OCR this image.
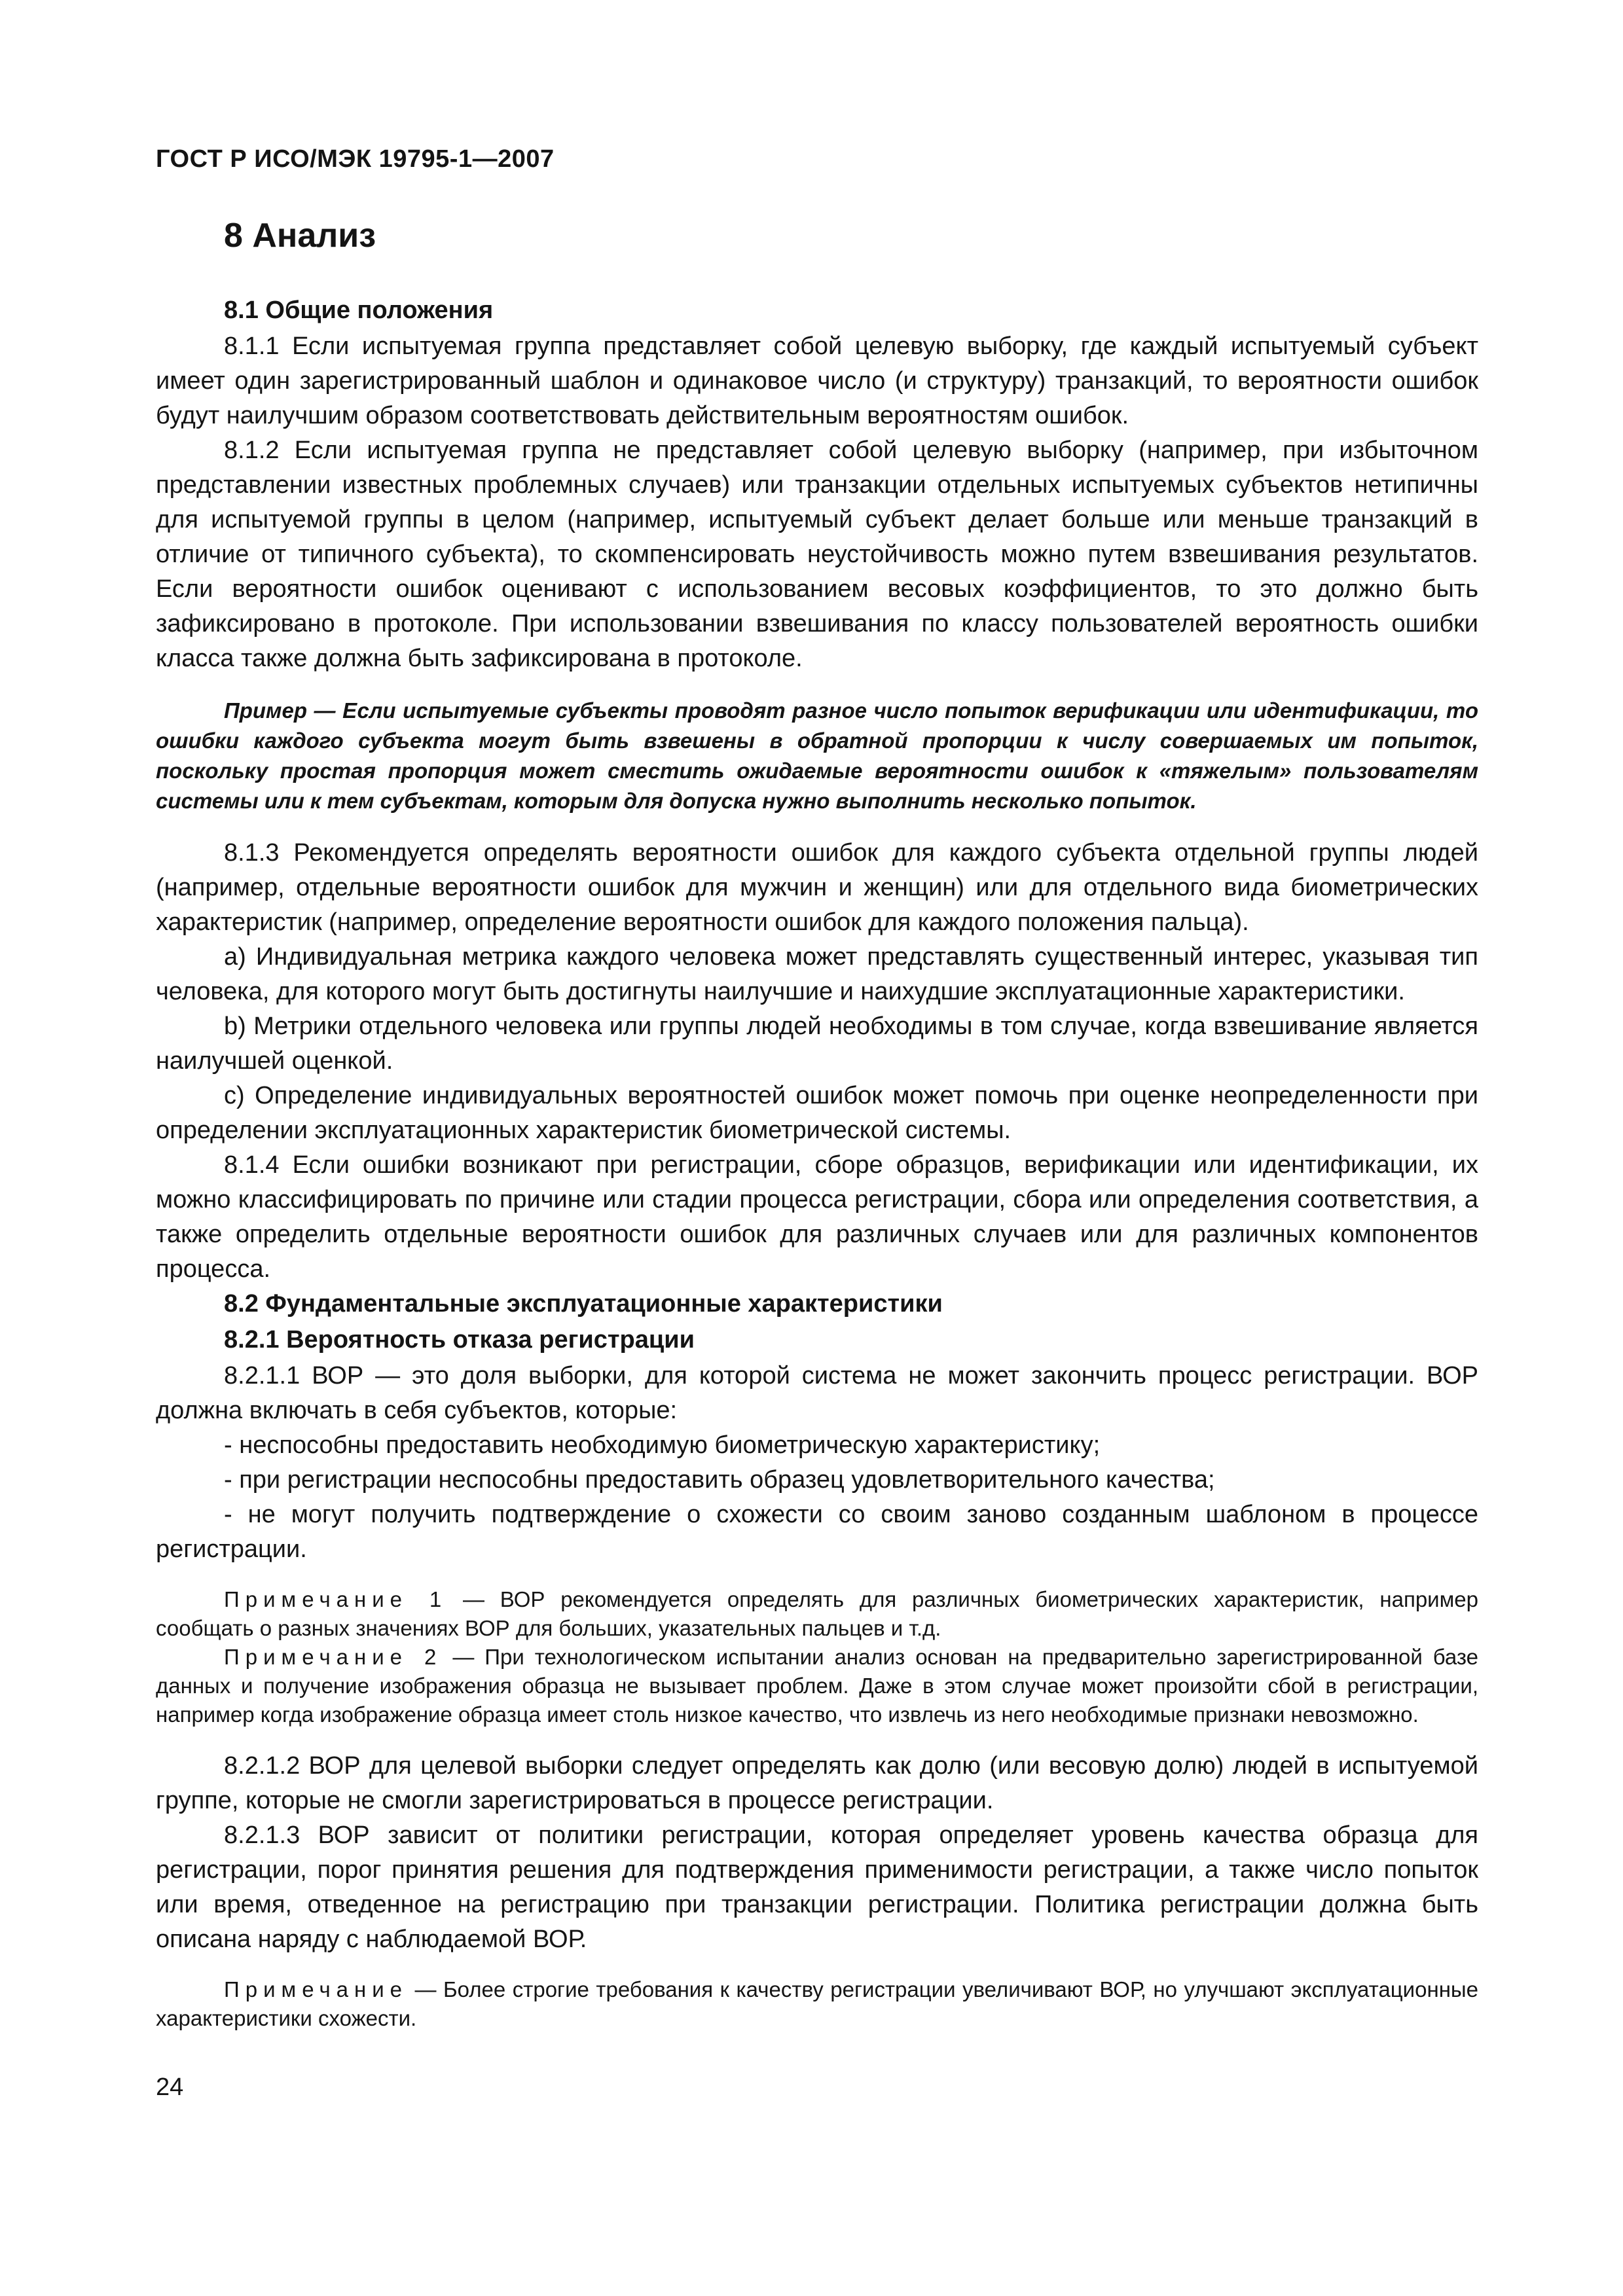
ГОСТ Р ИСО/МЭК 19795-1—2007
8 Анализ
8.1 Общие положения

8.1.1 Если испытуемая группа представляет собой целевую выборку, где каждый испытуемый субъект имеет один зарегистрированный шаблон и одинаковое число (и структуру) транзакций, то вероятности ошибок будут наилучшим образом соответствовать действительным вероятностям ошибок.

8.1.2 Если испытуемая группа не представляет собой целевую выборку (например, при избыточном представлении известных проблемных случаев) или транзакции отдельных испытуемых субъектов нетипичны для испытуемой группы в целом (например, испытуемый субъект делает больше или меньше транзакций в отличие от типичного субъекта), то скомпенсировать неустойчивость можно путем взвешивания результатов. Если вероятности ошибок оценивают с использованием весовых коэффициентов, то это должно быть зафиксировано в протоколе. При использовании взвешивания по классу пользователей вероятность ошибки класса также должна быть зафиксирована в протоколе.

Пример — Если испытуемые субъекты проводят разное число попыток верификации или идентификации, то ошибки каждого субъекта могут быть взвешены в обратной пропорции к числу совершаемых им попыток, поскольку простая пропорция может сместить ожидаемые вероятности ошибок к «тяжелым» пользователям системы или к тем субъектам, которым для допуска нужно выполнить несколько попыток.

8.1.3 Рекомендуется определять вероятности ошибок для каждого субъекта отдельной группы людей (например, отдельные вероятности ошибок для мужчин и женщин) или для отдельного вида биометрических характеристик (например, определение вероятности ошибок для каждого положения пальца).

а) Индивидуальная метрика каждого человека может представлять существенный интерес, указывая тип человека, для которого могут быть достигнуты наилучшие и наихудшие эксплуатационные характеристики.

b) Метрики отдельного человека или группы людей необходимы в том случае, когда взвешивание является наилучшей оценкой.

с) Определение индивидуальных вероятностей ошибок может помочь при оценке неопределенности при определении эксплуатационных характеристик биометрической системы.

8.1.4 Если ошибки возникают при регистрации, сборе образцов, верификации или идентификации, их можно классифицировать по причине или стадии процесса регистрации, сбора или определения соответствия, а также определить отдельные вероятности ошибок для различных случаев или для различных компонентов процесса.

8.2 Фундаментальные эксплуатационные характеристики
8.2.1 Вероятность отказа регистрации

8.2.1.1 ВОР — это доля выборки, для которой система не может закончить процесс регистрации. ВОР должна включать в себя субъектов, которые:

- неспособны предоставить необходимую биометрическую характеристику;

- при регистрации неспособны предоставить образец удовлетворительного качества;

- не могут получить подтверждение о схожести со своим заново созданным шаблоном в процессе регистрации.

Примечание 1 — ВОР рекомендуется определять для различных биометрических характеристик, например сообщать о разных значениях ВОР для больших, указательных пальцев и т.д.

Примечание 2 — При технологическом испытании анализ основан на предварительно зарегистрированной базе данных и получение изображения образца не вызывает проблем. Даже в этом случае может произойти сбой в регистрации, например когда изображение образца имеет столь низкое качество, что извлечь из него необходимые признаки невозможно.

8.2.1.2 ВОР для целевой выборки следует определять как долю (или весовую долю) людей в испытуемой группе, которые не смогли зарегистрироваться в процессе регистрации.

8.2.1.3 ВОР зависит от политики регистрации, которая определяет уровень качества образца для регистрации, порог принятия решения для подтверждения применимости регистрации, а также число попыток или время, отведенное на регистрацию при транзакции регистрации. Политика регистрации должна быть описана наряду с наблюдаемой ВОР.

Примечание — Более строгие требования к качеству регистрации увеличивают ВОР, но улучшают эксплуатационные характеристики схожести.

24
